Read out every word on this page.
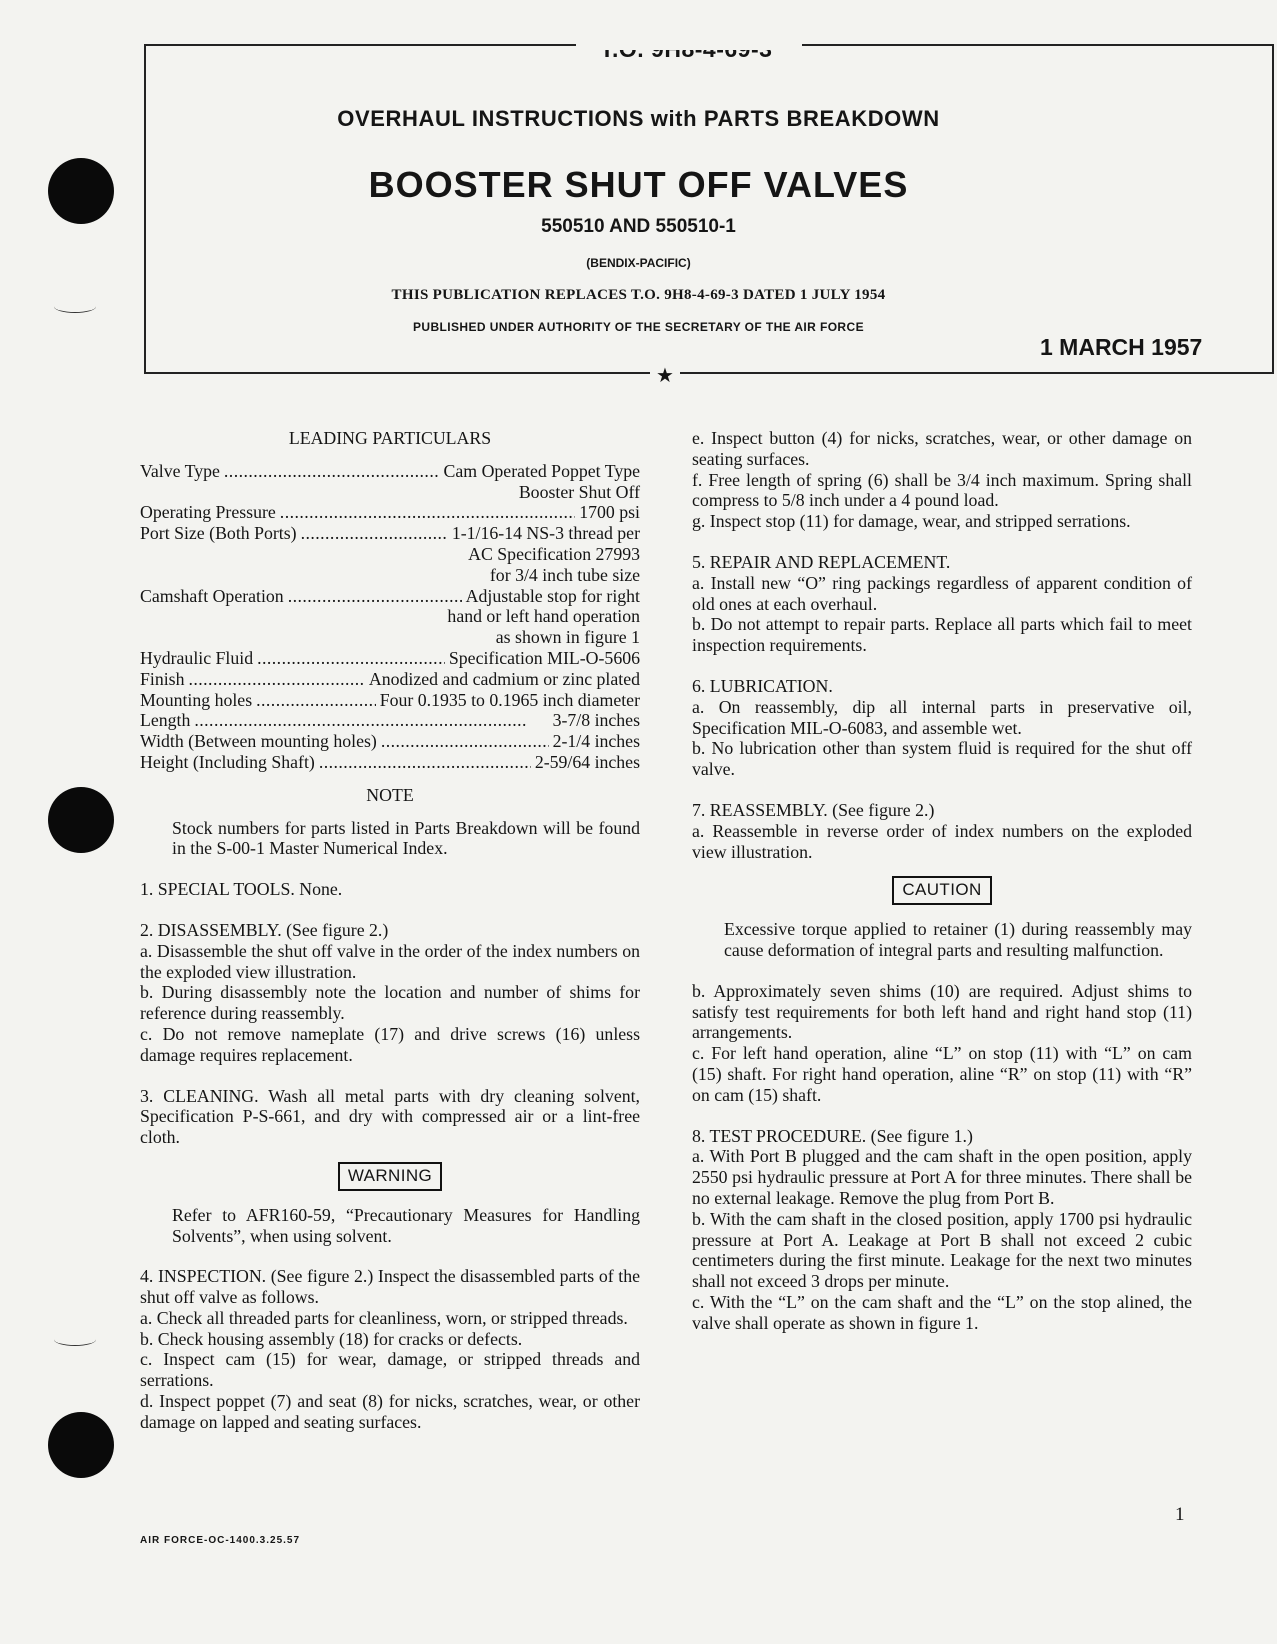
★
OVERHAUL INSTRUCTIONS with PARTS BREAKDOWN
BOOSTER SHUT OFF VALVES
550510 AND 550510-1
(BENDIX-PACIFIC)
THIS PUBLICATION REPLACES T.O. 9H8-4-69-3 DATED 1 JULY 1954
PUBLISHED UNDER AUTHORITY OF THE SECRETARY OF THE AIR FORCE
1 MARCH 1957

LEADING PARTICULARS

Valve Type . . .	Cam Operated Poppet Type
Booster Shut Off
Operating Pressure . . .	1700 psi
Port Size (Both Ports) . . .	1-1/16-14 NS-3 thread per
AC Specification 27993
for 3/4 inch tube size
Camshaft Operation . . .	Adjustable stop for right
hand or left hand operation
as shown in figure 1
Hydraulic Fluid . . .	Specification MIL-O-5606
Finish . . .	Anodized and cadmium or zinc plated
Mounting holes . . .	Four 0.1935 to 0.1965 inch diameter
Length . . .	3-7/8 inches
Width (Between mounting holes) . . .	2-1/4 inches
Height (Including Shaft) . . .	2-59/64 inches

NOTE

Stock numbers for parts listed in Parts Breakdown will be found in the S-00-1 Master Numerical Index.

1. SPECIAL TOOLS. None.

2. DISASSEMBLY. (See figure 2.)

a. Disassemble the shut off valve in the order of the index numbers on the exploded view illustration.

b. During disassembly note the location and number of shims for reference during reassembly.

c. Do not remove nameplate (17) and drive screws (16) unless damage requires replacement.

3. CLEANING. Wash all metal parts with dry cleaning solvent, Specification P-S-661, and dry with compressed air or a lint-free cloth.

WARNING

Refer to AFR160-59, “Precautionary Measures for Handling Solvents”, when using solvent.

4. INSPECTION. (See figure 2.) Inspect the disassembled parts of the shut off valve as follows.

a. Check all threaded parts for cleanliness, worn, or stripped threads.

b. Check housing assembly (18) for cracks or defects.

c. Inspect cam (15) for wear, damage, or stripped threads and serrations.

d. Inspect poppet (7) and seat (8) for nicks, scratches, wear, or other damage on lapped and seating surfaces.

e. Inspect button (4) for nicks, scratches, wear, or other damage on seating surfaces.

f. Free length of spring (6) shall be 3/4 inch maximum. Spring shall compress to 5/8 inch under a 4 pound load.

g. Inspect stop (11) for damage, wear, and stripped serrations.

5. REPAIR AND REPLACEMENT.

a. Install new “O” ring packings regardless of apparent condition of old ones at each overhaul.

b. Do not attempt to repair parts. Replace all parts which fail to meet inspection requirements.

6. LUBRICATION.

a. On reassembly, dip all internal parts in preservative oil, Specification MIL-O-6083, and assemble wet.

b. No lubrication other than system fluid is required for the shut off valve.

7. REASSEMBLY. (See figure 2.)

a. Reassemble in reverse order of index numbers on the exploded view illustration.

CAUTION

Excessive torque applied to retainer (1) during reassembly may cause deformation of integral parts and resulting malfunction.

b. Approximately seven shims (10) are required. Adjust shims to satisfy test requirements for both left hand and right hand stop (11) arrangements.

c. For left hand operation, aline “L” on stop (11) with “L” on cam (15) shaft. For right hand operation, aline “R” on stop (11) with “R” on cam (15) shaft.

8. TEST PROCEDURE. (See figure 1.)

a. With Port B plugged and the cam shaft in the open position, apply 2550 psi hydraulic pressure at Port A for three minutes. There shall be no external leakage. Remove the plug from Port B.

b. With the cam shaft in the closed position, apply 1700 psi hydraulic pressure at Port A. Leakage at Port B shall not exceed 2 cubic centimeters during the first minute. Leakage for the next two minutes shall not exceed 3 drops per minute.

c. With the “L” on the cam shaft and the “L” on the stop alined, the valve shall operate as shown in figure 1.

AIR FORCE-OC-1400.3.25.57
1
